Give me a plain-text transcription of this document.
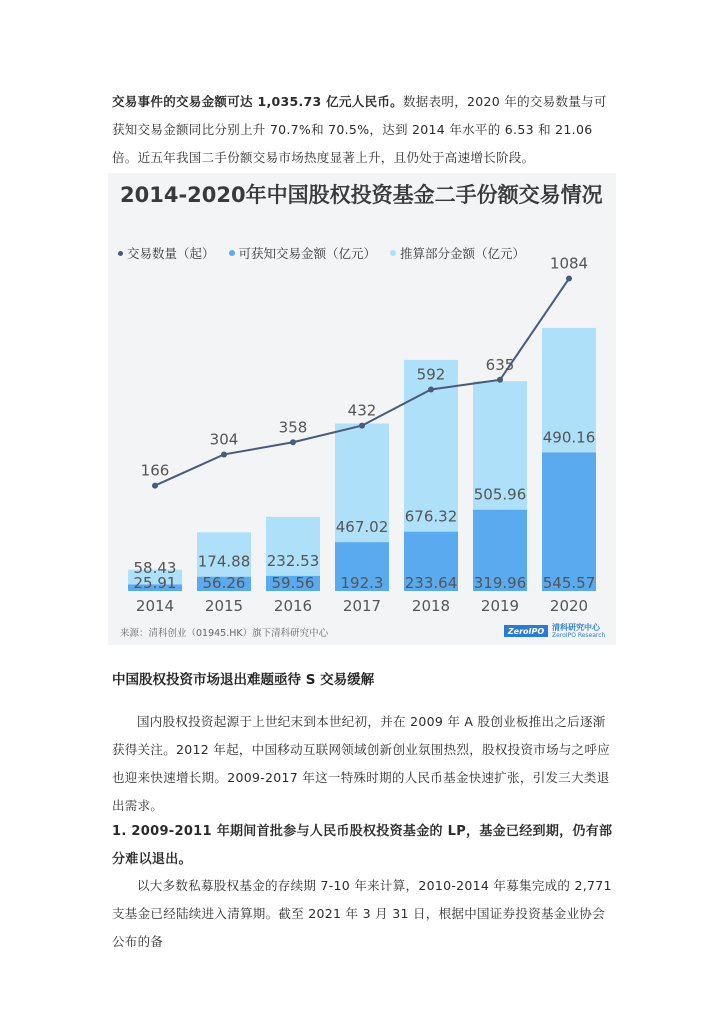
交易事件的交易金额可达 1,035.73 亿元人民币。数据表明，2020 年的交易数量与可获知交易金额同比分别上升 70.7%和 70.5%，达到 2014 年水平的 6.53 和 21.06 倍。近五年我国二手份额交易市场热度显著上升，且仍处于高速增长阶段。

25.91
58.43
2014
56.26
174.88
2015
59.56
232.53
2016
192.3
467.02
2017
233.64
676.32
2018
319.96
505.96
2019
545.57
490.16
2020
166
304
358
432
592
635
1084

2014-2020年中国股权投资基金二手份额交易情况

交易数量（起） 可获知交易金额（亿元） 推算部分金额（亿元）
来源：清科创业（01945.HK）旗下清科研究中心	ZeroIPO 清科研究中心
ZeroIPO Research
中国股权投资市场退出难题亟待 S 交易缓解

国内股权投资起源于上世纪末到本世纪初，并在 2009 年 A 股创业板推出之后逐渐获得关注。2012 年起，中国移动互联网领域创新创业氛围热烈，股权投资市场与之呼应也迎来快速增长期。2009-2017 年这一特殊时期的人民币基金快速扩张，引发三大类退出需求。

1. 2009-2011 年期间首批参与人民币股权投资基金的 LP，基金已经到期，仍有部分难以退出。

以大多数私募股权基金的存续期 7-10 年来计算，2010-2014 年募集完成的 2,771 支基金已经陆续进入清算期。截至 2021 年 3 月 31 日，根据中国证券投资基金业协会公布的备
